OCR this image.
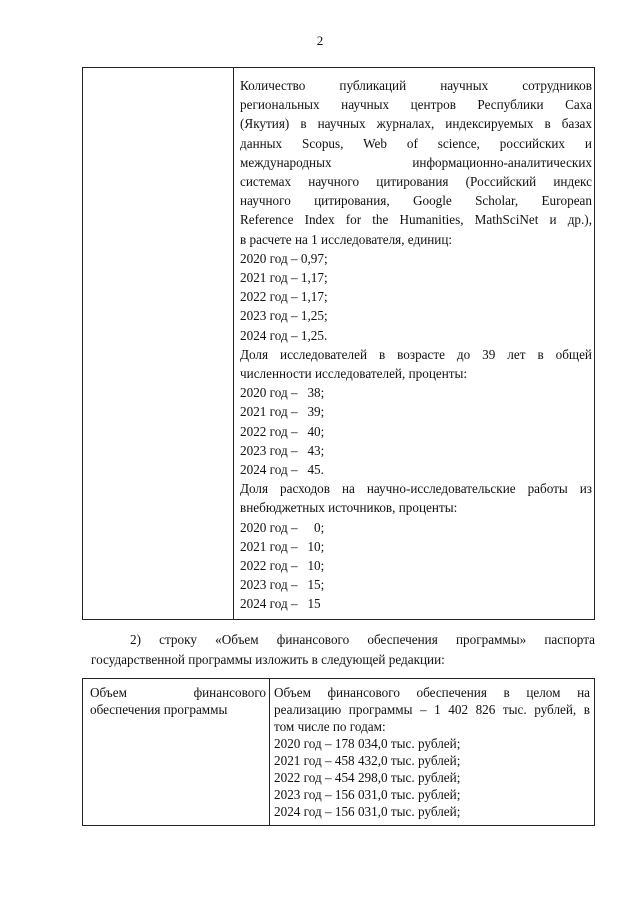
2
Количество публикаций научных сотрудников
региональных научных центров Республики Саха
(Якутия) в научных журналах, индексируемых в базах
данных Scopus, Web of science, российских и
международных информационно-аналитических
системах научного цитирования (Российский индекс
научного цитирования, Google Scholar, European
Reference Index for the Humanities, MathSciNet и др.),
в расчете на 1 исследователя, единиц:
2020 год – 0,97;
2021 год – 1,17;
2022 год – 1,17;
2023 год – 1,25;
2024 год – 1,25.
Доля исследователей в возрасте до 39 лет в общей
численности исследователей, проценты:
2020 год –   38;
2021 год –   39;
2022 год –   40;
2023 год –   43;
2024 год –   45.
Доля расходов на научно-исследовательские работы из
внебюджетных источников, проценты:
2020 год –     0;
2021 год –   10;
2022 год –   10;
2023 год –   15;
2024 год –   15
2) строку «Объем финансового обеспечения программы» паспорта
государственной программы изложить в следующей редакции:
Объем финансового
обеспечения программы
Объем финансового обеспечения в целом на
реализацию программы – 1 402 826 тыс. рублей, в
том числе по годам:
2020 год – 178 034,0 тыс. рублей;
2021 год – 458 432,0 тыс. рублей;
2022 год – 454 298,0 тыс. рублей;
2023 год – 156 031,0 тыс. рублей;
2024 год – 156 031,0 тыс. рублей;
